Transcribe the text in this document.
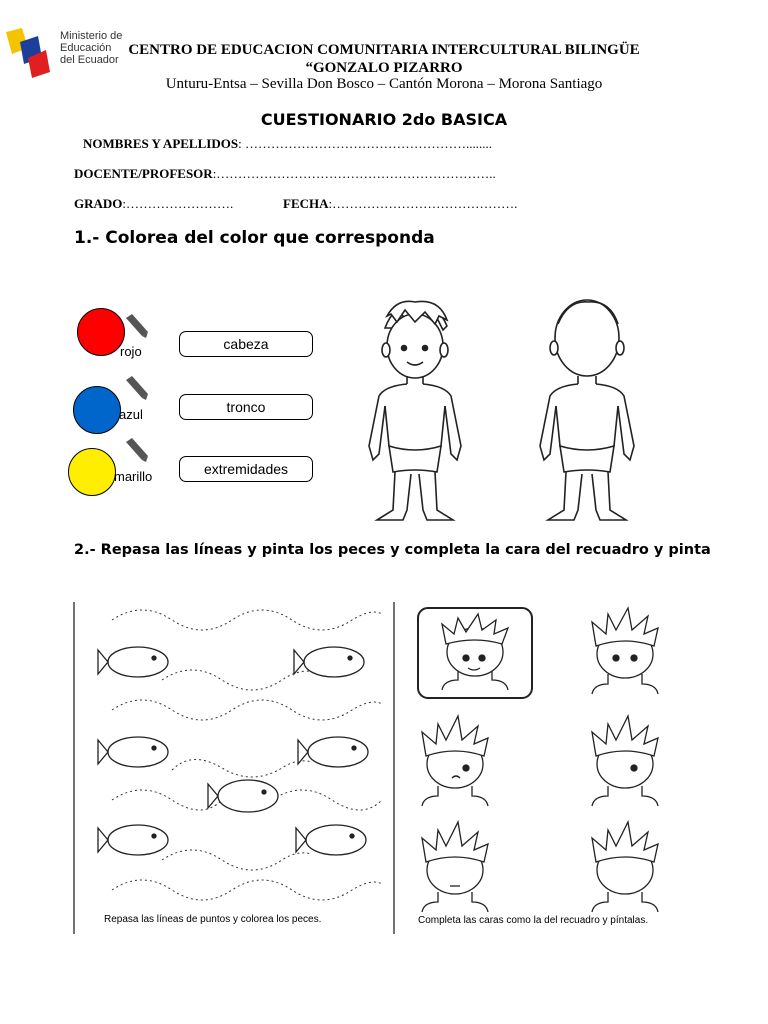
Ministerio de
Educación
del Ecuador
CENTRO DE EDUCACION COMUNITARIA INTERCULTURAL BILINGÜE
“GONZALO PIZARRO
Unturu-Entsa – Sevilla Don Bosco – Cantón Morona – Morona Santiago
CUESTIONARIO 2do BASICA
NOMBRES Y APELLIDOS: ……………………………………………........
DOCENTE/PROFESOR:………………………………………………………..
GRADO:…………………….	FECHA:…………………………………….
1.- Colorea del color que corresponda
rojo
azul
marillo
cabeza
tronco
extremidades
2.- Repasa las líneas y pinta los peces y completa la cara del recuadro y pinta
Repasa las líneas de puntos y colorea los peces.	Completa las caras como la del recuadro y píntalas.
